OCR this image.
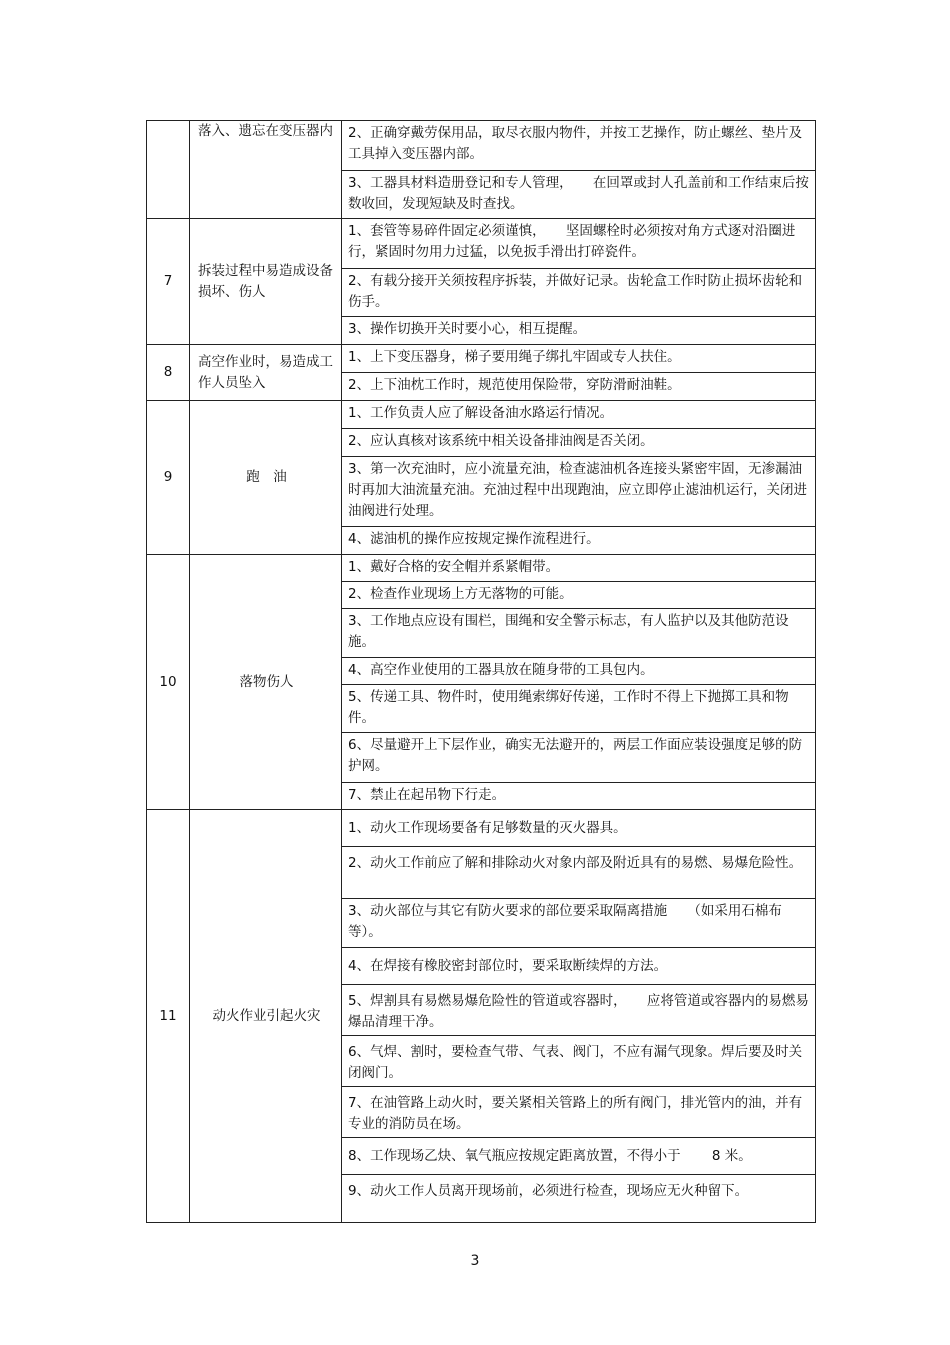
	落入、遗忘在变压器内	2、正确穿戴劳保用品，取尽衣服内物件，并按工艺操作，防止螺丝、垫片及工具掉入变压器内部。
		3、工器具材料造册登记和专人管理，　　在回罩或封人孔盖前和工作结束后按数收回，发现短缺及时查找。
7	拆装过程中易造成设备损坏、伤人	1、套管等易碎件固定必须谨慎，　　坚固螺栓时必须按对角方式逐对沿圈进行，紧固时勿用力过猛，以免扳手滑出打碎瓷件。
		2、有载分接开关须按程序拆装，并做好记录。齿轮盒工作时防止损坏齿轮和伤手。
		3、操作切换开关时要小心，相互提醒。
8	高空作业时，易造成工作人员坠入	1、上下变压器身，梯子要用绳子绑扎牢固或专人扶住。
		2、上下油枕工作时，规范使用保险带，穿防滑耐油鞋。
9	跑　油	1、工作负责人应了解设备油水路运行情况。
		2、应认真核对该系统中相关设备排油阀是否关闭。
		3、第一次充油时，应小流量充油，检查滤油机各连接头紧密牢固，无渗漏油时再加大油流量充油。充油过程中出现跑油，应立即停止滤油机运行，关闭进油阀进行处理。
		4、滤油机的操作应按规定操作流程进行。
10	落物伤人	1、戴好合格的安全帽并系紧帽带。
		2、检查作业现场上方无落物的可能。
		3、工作地点应设有围栏，围绳和安全警示标志，有人监护以及其他防范设施。
		4、高空作业使用的工器具放在随身带的工具包内。
		5、传递工具、物件时，使用绳索绑好传递，工作时不得上下抛掷工具和物件。
		6、尽量避开上下层作业，确实无法避开的，两层工作面应装设强度足够的防护网。
		7、禁止在起吊物下行走。
11	动火作业引起火灾	1、动火工作现场要备有足够数量的灭火器具。
		2、动火工作前应了解和排除动火对象内部及附近具有的易燃、易爆危险性。
		3、动火部位与其它有防火要求的部位要采取隔离措施　　（如采用石棉布等）。
		4、在焊接有橡胶密封部位时，要采取断续焊的方法。
		5、焊割具有易燃易爆危险性的管道或容器时，　　应将管道或容器内的易燃易爆品清理干净。
		6、气焊、割时，要检查气带、气表、阀门，不应有漏气现象。焊后要及时关闭阀门。
		7、在油管路上动火时，要关紧相关管路上的所有阀门，排光管内的油，并有专业的消防员在场。
		8、工作现场乙炔、氧气瓶应按规定距离放置，不得小于　　 8 米。
		9、动火工作人员离开现场前，必须进行检查，现场应无火种留下。
3
